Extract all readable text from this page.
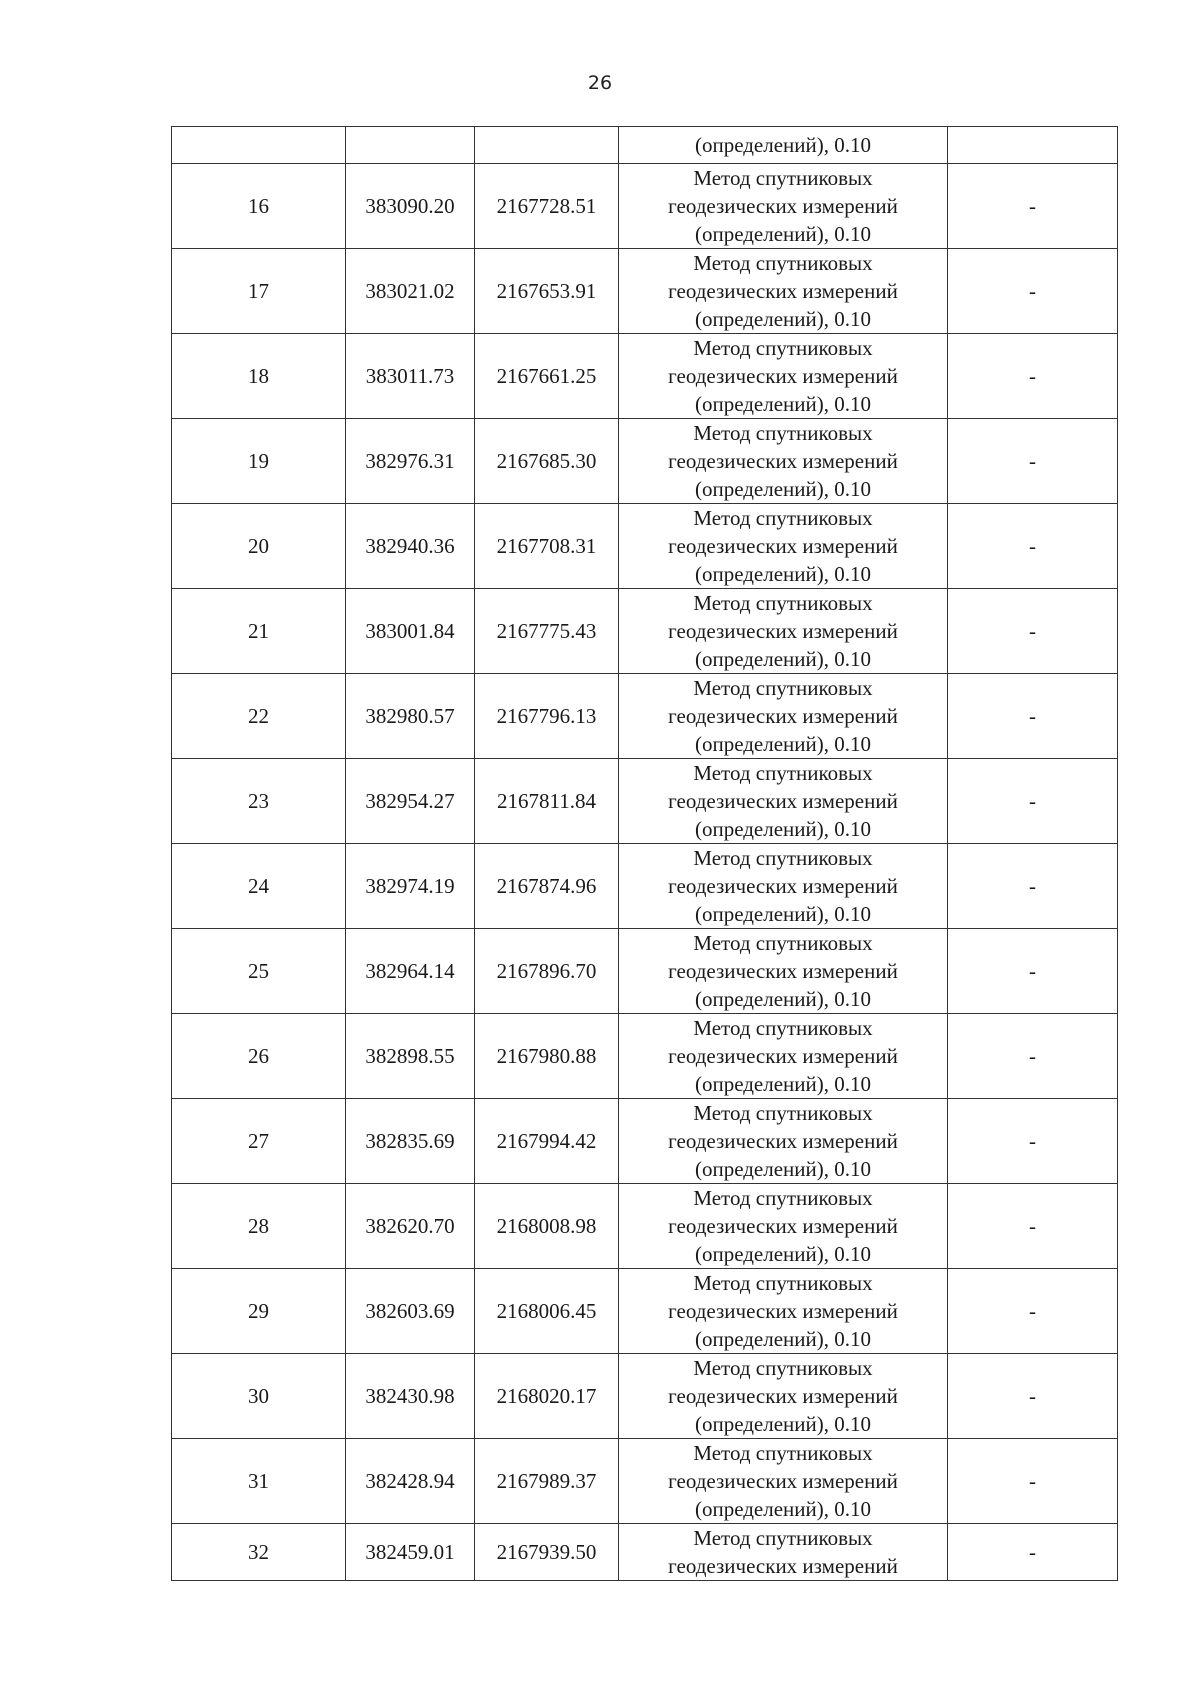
26

			(определений), 0.10	

16	383090.20	2167728.51	Метод спутниковых
геодезических измерений
(определений), 0.10	-
17	383021.02	2167653.91	Метод спутниковых
геодезических измерений
(определений), 0.10	-
18	383011.73	2167661.25	Метод спутниковых
геодезических измерений
(определений), 0.10	-
19	382976.31	2167685.30	Метод спутниковых
геодезических измерений
(определений), 0.10	-
20	382940.36	2167708.31	Метод спутниковых
геодезических измерений
(определений), 0.10	-
21	383001.84	2167775.43	Метод спутниковых
геодезических измерений
(определений), 0.10	-
22	382980.57	2167796.13	Метод спутниковых
геодезических измерений
(определений), 0.10	-
23	382954.27	2167811.84	Метод спутниковых
геодезических измерений
(определений), 0.10	-
24	382974.19	2167874.96	Метод спутниковых
геодезических измерений
(определений), 0.10	-
25	382964.14	2167896.70	Метод спутниковых
геодезических измерений
(определений), 0.10	-
26	382898.55	2167980.88	Метод спутниковых
геодезических измерений
(определений), 0.10	-
27	382835.69	2167994.42	Метод спутниковых
геодезических измерений
(определений), 0.10	-
28	382620.70	2168008.98	Метод спутниковых
геодезических измерений
(определений), 0.10	-
29	382603.69	2168006.45	Метод спутниковых
геодезических измерений
(определений), 0.10	-
30	382430.98	2168020.17	Метод спутниковых
геодезических измерений
(определений), 0.10	-
31	382428.94	2167989.37	Метод спутниковых
геодезических измерений
(определений), 0.10	-
32	382459.01	2167939.50	Метод спутниковых
геодезических измерений	-
